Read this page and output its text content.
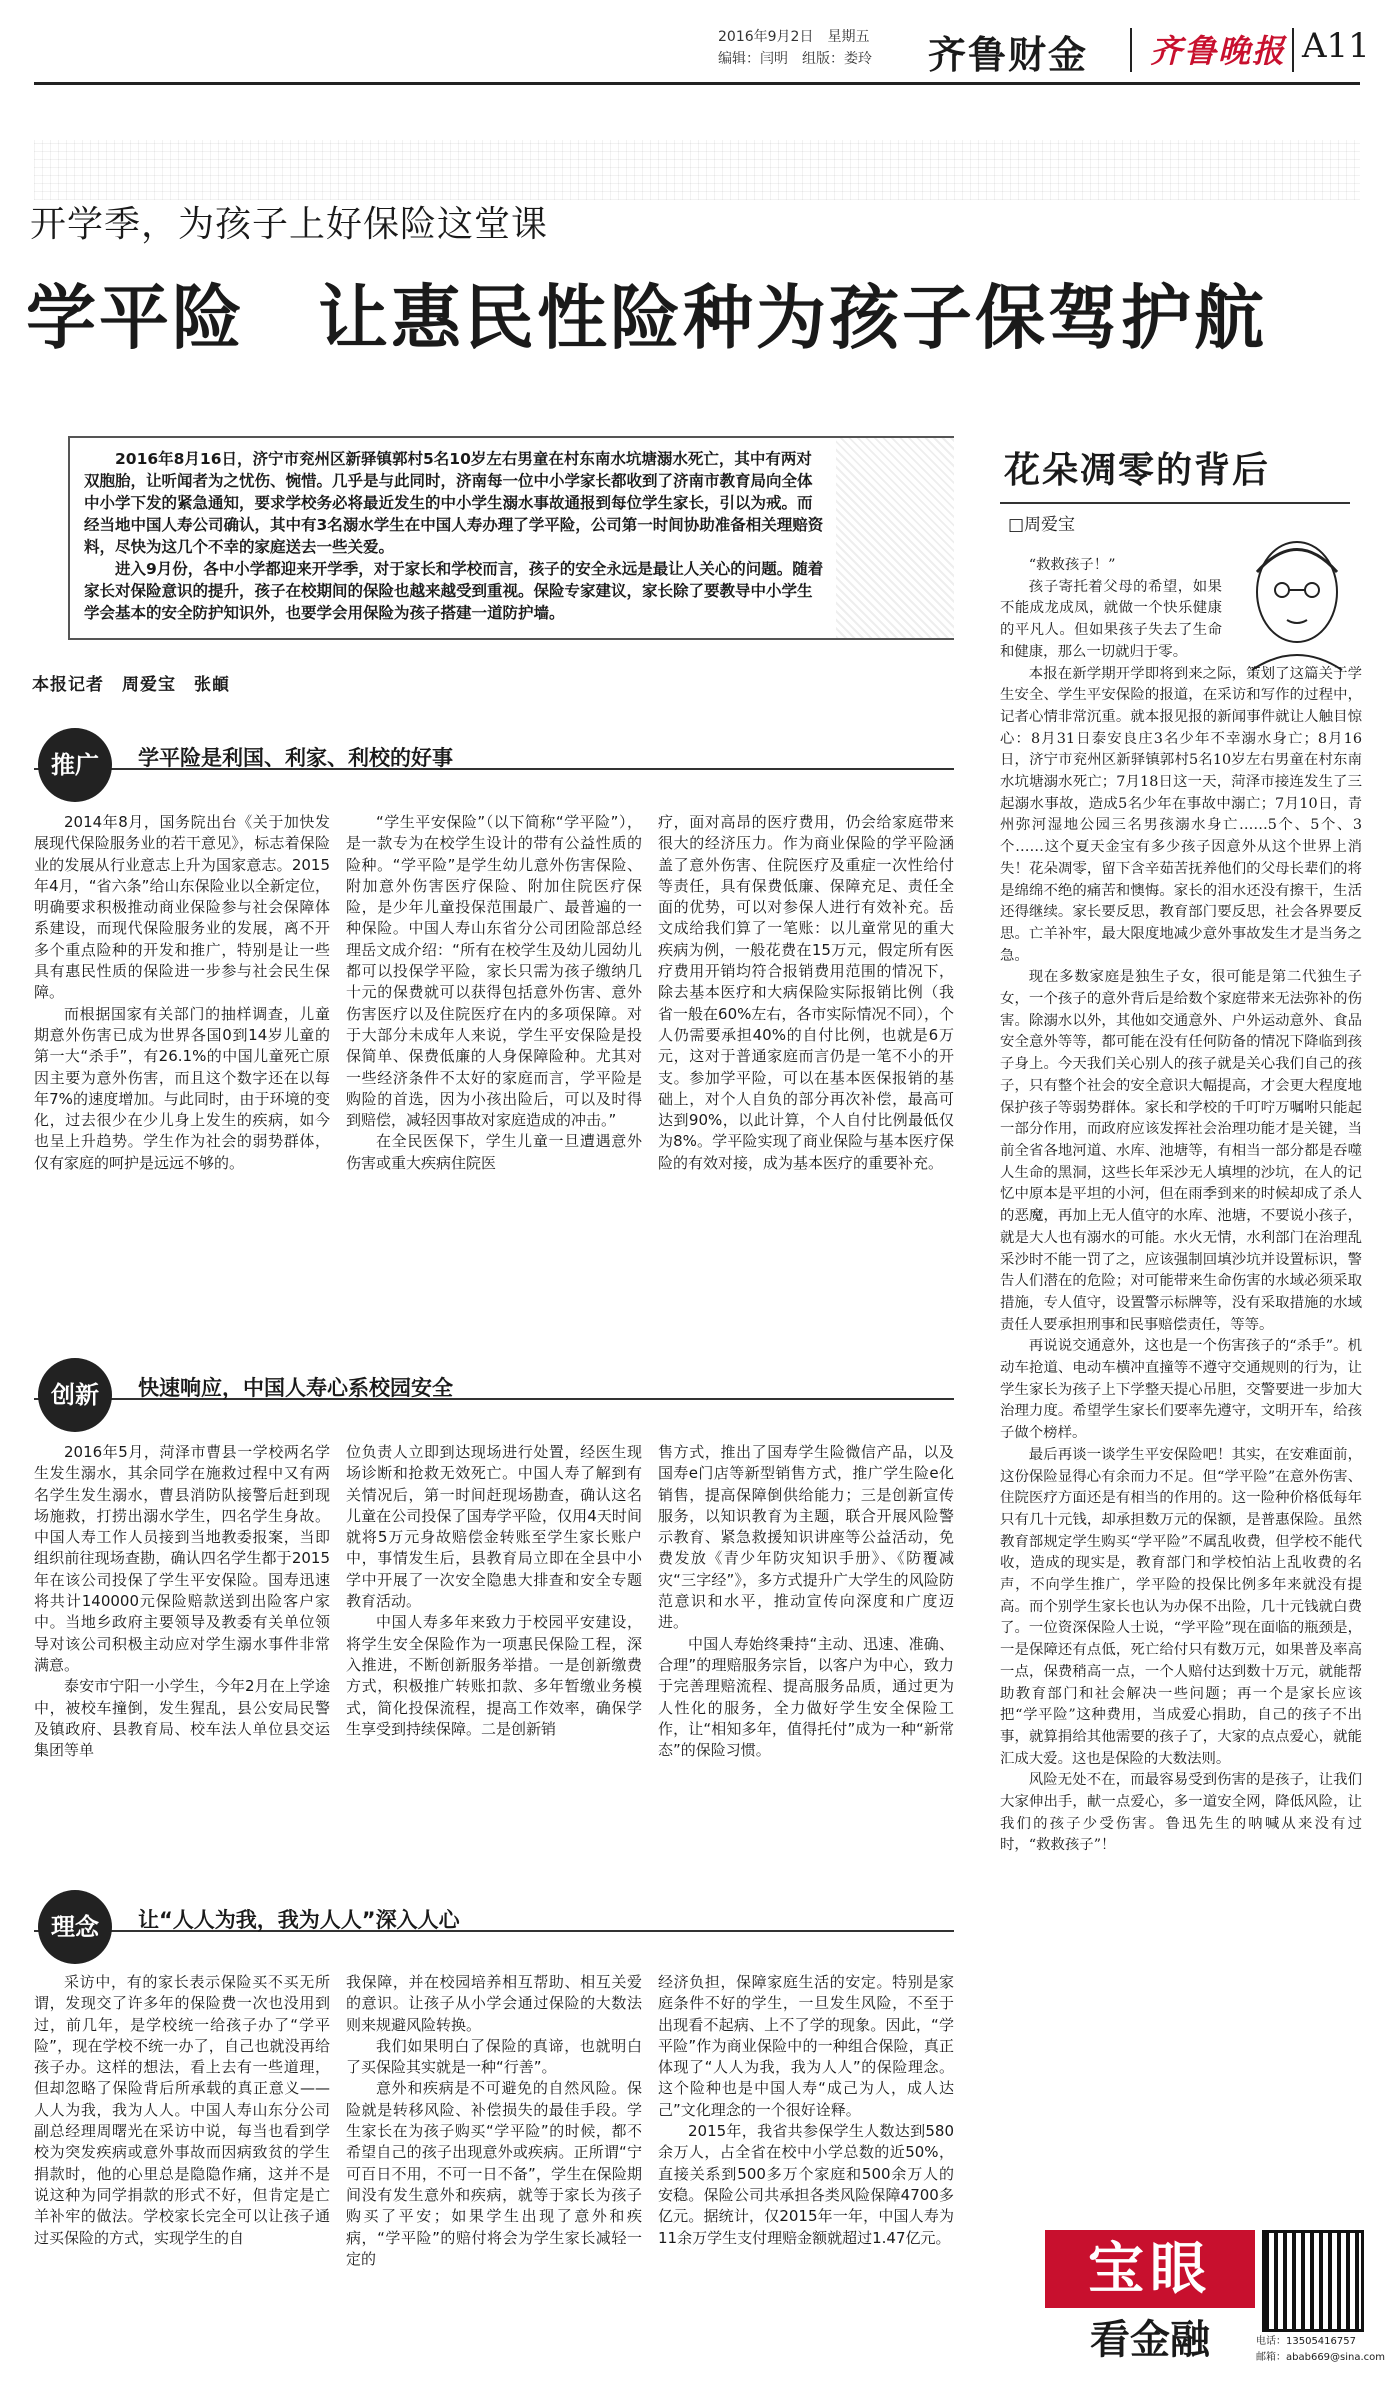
2016年9月2日　星期五
编辑：闫明　组版：娄玲 齐鲁财金 齐鲁晚报 A11
开学季，为孩子上好保险这堂课
学平险　让惠民性险种为孩子保驾护航

2016年8月16日，济宁市兖州区新驿镇郭村5名10岁左右男童在村东南水坑塘溺水死亡，其中有两对双胞胎，让听闻者为之忧伤、惋惜。几乎是与此同时，济南每一位中小学家长都收到了济南市教育局向全体中小学下发的紧急通知，要求学校务必将最近发生的中小学生溺水事故通报到每位学生家长，引以为戒。而经当地中国人寿公司确认，其中有3名溺水学生在中国人寿办理了学平险，公司第一时间协助准备相关理赔资料，尽快为这几个不幸的家庭送去一些关爱。

进入9月份，各中小学都迎来开学季，对于家长和学校而言，孩子的安全永远是最让人关心的问题。随着家长对保险意识的提升，孩子在校期间的保险也越来越受到重视。保险专家建议，家长除了要教导中小学生学会基本的安全防护知识外，也要学会用保险为孩子搭建一道防护墙。

本报记者　周爱宝　张頔
推广	学平险是利国、利家、利校的好事

2014年8月，国务院出台《关于加快发展现代保险服务业的若干意见》，标志着保险业的发展从行业意志上升为国家意志。2015年4月，“省六条”给山东保险业以全新定位，明确要求积极推动商业保险参与社会保障体系建设，而现代保险服务业的发展，离不开多个重点险种的开发和推广，特别是让一些具有惠民性质的保险进一步参与社会民生保障。

而根据国家有关部门的抽样调查，儿童期意外伤害已成为世界各国0到14岁儿童的第一大“杀手”，有26.1%的中国儿童死亡原因主要为意外伤害，而且这个数字还在以每年7%的速度增加。与此同时，由于环境的变化，过去很少在少儿身上发生的疾病，如今也呈上升趋势。学生作为社会的弱势群体，仅有家庭的呵护是远远不够的。

“学生平安保险”（以下简称“学平险”），是一款专为在校学生设计的带有公益性质的险种。“学平险”是学生幼儿意外伤害保险、附加意外伤害医疗保险、附加住院医疗保险，是少年儿童投保范围最广、最普遍的一种保险。中国人寿山东省分公司团险部总经理岳文成介绍：“所有在校学生及幼儿园幼儿都可以投保学平险，家长只需为孩子缴纳几十元的保费就可以获得包括意外伤害、意外伤害医疗以及住院医疗在内的多项保障。对于大部分未成年人来说，学生平安保险是投保简单、保费低廉的人身保障险种。尤其对一些经济条件不太好的家庭而言，学平险是购险的首选，因为小孩出险后，可以及时得到赔偿，减轻因事故对家庭造成的冲击。”

在全民医保下，学生儿童一旦遭遇意外伤害或重大疾病住院医

疗，面对高昂的医疗费用，仍会给家庭带来很大的经济压力。作为商业保险的学平险涵盖了意外伤害、住院医疗及重症一次性给付等责任，具有保费低廉、保障充足、责任全面的优势，可以对参保人进行有效补充。岳文成给我们算了一笔账：以儿童常见的重大疾病为例，一般花费在15万元，假定所有医疗费用开销均符合报销费用范围的情况下，除去基本医疗和大病保险实际报销比例（我省一般在60%左右，各市实际情况不同），个人仍需要承担40%的自付比例，也就是6万元，这对于普通家庭而言仍是一笔不小的开支。参加学平险，可以在基本医保报销的基础上，对个人自负的部分再次补偿，最高可达到90%，以此计算，个人自付比例最低仅为8%。学平险实现了商业保险与基本医疗保险的有效对接，成为基本医疗的重要补充。

创新	快速响应，中国人寿心系校园安全

2016年5月，菏泽市曹县一学校两名学生发生溺水，其余同学在施救过程中又有两名学生发生溺水，曹县消防队接警后赶到现场施救，打捞出溺水学生，四名学生身故。中国人寿工作人员接到当地教委报案，当即组织前往现场查勘，确认四名学生都于2015年在该公司投保了学生平安保险。国寿迅速将共计140000元保险赔款送到出险客户家中。当地乡政府主要领导及教委有关单位领导对该公司积极主动应对学生溺水事件非常满意。

泰安市宁阳一小学生，今年2月在上学途中，被校车撞倒，发生猩乱，县公安局民警及镇政府、县教育局、校车法人单位县交运集团等单

位负责人立即到达现场进行处置，经医生现场诊断和抢救无效死亡。中国人寿了解到有关情况后，第一时间赶现场勘查，确认这名儿童在公司投保了国寿学平险，仅用4天时间就将5万元身故赔偿金转账至学生家长账户中，事情发生后，县教育局立即在全县中小学中开展了一次安全隐患大排查和安全专题教育活动。

中国人寿多年来致力于校园平安建设，将学生安全保险作为一项惠民保险工程，深入推进，不断创新服务举措。一是创新缴费方式，积极推广转账扣款、多年暂缴业务模式，简化投保流程，提高工作效率，确保学生享受到持续保障。二是创新销

售方式，推出了国寿学生险微信产品，以及国寿e门店等新型销售方式，推广学生险e化销售，提高保障倒供给能力；三是创新宣传服务，以知识教育为主题，联合开展风险警示教育、紧急救援知识讲座等公益活动，免费发放《青少年防灾知识手册》、《防覆减灾“三字经”》，多方式提升广大学生的风险防范意识和水平，推动宣传向深度和广度迈进。

中国人寿始终秉持“主动、迅速、准确、合理”的理赔服务宗旨，以客户为中心，致力于完善理赔流程、提高服务品质，通过更为人性化的服务，全力做好学生安全保险工作，让“相知多年，值得托付”成为一种“新常态”的保险习惯。

理念	让“人人为我，我为人人”深入人心

采访中，有的家长表示保险买不买无所谓，发现交了许多年的保险费一次也没用到过，前几年，是学校统一给孩子办了“学平险”，现在学校不统一办了，自己也就没再给孩子办。这样的想法，看上去有一些道理，但却忽略了保险背后所承载的真正意义——人人为我，我为人人。中国人寿山东分公司副总经理周曙光在采访中说，每当也看到学校为突发疾病或意外事故而因病致贫的学生捐款时，他的心里总是隐隐作痛，这并不是说这种为同学捐款的形式不好，但肯定是亡羊补牢的做法。学校家长完全可以让孩子通过买保险的方式，实现学生的自

我保障，并在校园培养相互帮助、相互关爱的意识。让孩子从小学会通过保险的大数法则来规避风险转换。

我们如果明白了保险的真谛，也就明白了买保险其实就是一种“行善”。

意外和疾病是不可避免的自然风险。保险就是转移风险、补偿损失的最佳手段。学生家长在为孩子购买“学平险”的时候，都不希望自己的孩子出现意外或疾病。正所谓“宁可百日不用，不可一日不备”，学生在保险期间没有发生意外和疾病，就等于家长为孩子购买了平安；如果学生出现了意外和疾病，“学平险”的赔付将会为学生家长减轻一定的

经济负担，保障家庭生活的安定。特别是家庭条件不好的学生，一旦发生风险，不至于出现看不起病、上不了学的现象。因此，“学平险”作为商业保险中的一种组合保险，真正体现了“人人为我，我为人人”的保险理念。这个险种也是中国人寿“成己为人，成人达己”文化理念的一个很好诠释。

2015年，我省共参保学生人数达到580余万人，占全省在校中小学总数的近50%，直接关系到500多万个家庭和500余万人的安稳。保险公司共承担各类风险保障4700多亿元。据统计，仅2015年一年，中国人寿为11余万学生支付理赔金额就超过1.47亿元。

花朵凋零的背后
□周爱宝

“救救孩子！”

孩子寄托着父母的希望，如果不能成龙成凤，就做一个快乐健康的平凡人。但如果孩子失去了生命和健康，那么一切就归于零。

本报在新学期开学即将到来之际，策划了这篇关于学生安全、学生平安保险的报道，在采访和写作的过程中，记者心情非常沉重。就本报见报的新闻事件就让人触目惊心：8月31日泰安良庄3名少年不幸溺水身亡；8月16日，济宁市兖州区新驿镇郭村5名10岁左右男童在村东南水坑塘溺水死亡；7月18日这一天，菏泽市接连发生了三起溺水事故，造成5名少年在事故中溺亡；7月10日，青州弥河湿地公园三名男孩溺水身亡……5个、5个、3个……这个夏天金宝有多少孩子因意外从这个世界上消失！花朵凋零，留下含辛茹苦抚养他们的父母长辈们的将是绵绵不绝的痛苦和懊悔。家长的泪水还没有擦干，生活还得继续。家长要反思，教育部门要反思，社会各界要反思。亡羊补牢，最大限度地减少意外事故发生才是当务之急。

现在多数家庭是独生子女，很可能是第二代独生子女，一个孩子的意外背后是给数个家庭带来无法弥补的伤害。除溺水以外，其他如交通意外、户外运动意外、食品安全意外等等，都可能在没有任何防备的情况下降临到孩子身上。今天我们关心别人的孩子就是关心我们自己的孩子，只有整个社会的安全意识大幅提高，才会更大程度地保护孩子等弱势群体。家长和学校的千叮咛万嘱咐只能起一部分作用，而政府应该发挥社会治理功能才是关键，当前全省各地河道、水库、池塘等，有相当一部分都是吞噬人生命的黑洞，这些长年采沙无人填埋的沙坑，在人的记忆中原本是平坦的小河，但在雨季到来的时候却成了杀人的恶魔，再加上无人值守的水库、池塘，不要说小孩子，就是大人也有溺水的可能。水火无情，水利部门在治理乱采沙时不能一罚了之，应该强制回填沙坑并设置标识，警告人们潜在的危险；对可能带来生命伤害的水域必须采取措施，专人值守，设置警示标牌等，没有采取措施的水域责任人要承担刑事和民事赔偿责任，等等。

再说说交通意外，这也是一个伤害孩子的“杀手”。机动车抢道、电动车横冲直撞等不遵守交通规则的行为，让学生家长为孩子上下学整天提心吊胆，交警要进一步加大治理力度。希望学生家长们要率先遵守，文明开车，给孩子做个榜样。

最后再谈一谈学生平安保险吧！其实，在安难面前，这份保险显得心有余而力不足。但“学平险”在意外伤害、住院医疗方面还是有相当的作用的。这一险种价格低每年只有几十元钱，却承担数万元的保额，是普惠保险。虽然教育部规定学生购买“学平险”不属乱收费，但学校不能代收，造成的现实是，教育部门和学校怕沾上乱收费的名声，不向学生推广，学平险的投保比例多年来就没有提高。而个别学生家长也认为办保不出险，几十元钱就白费了。一位资深保险人士说，“学平险”现在面临的瓶颈是，一是保障还有点低，死亡给付只有数万元，如果普及率高一点，保费稍高一点，一个人赔付达到数十万元，就能帮助教育部门和社会解决一些问题；再一个是家长应该把“学平险”这种费用，当成爱心捐助，自己的孩子不出事，就算捐给其他需要的孩子了，大家的点点爱心，就能汇成大爱。这也是保险的大数法则。

风险无处不在，而最容易受到伤害的是孩子，让我们大家伸出手，献一点爱心，多一道安全网，降低风险，让我们的孩子少受伤害。鲁迅先生的呐喊从来没有过时，“救救孩子”！

宝眼
看金融	电话：13505416757
邮箱：abab669@sina.com
